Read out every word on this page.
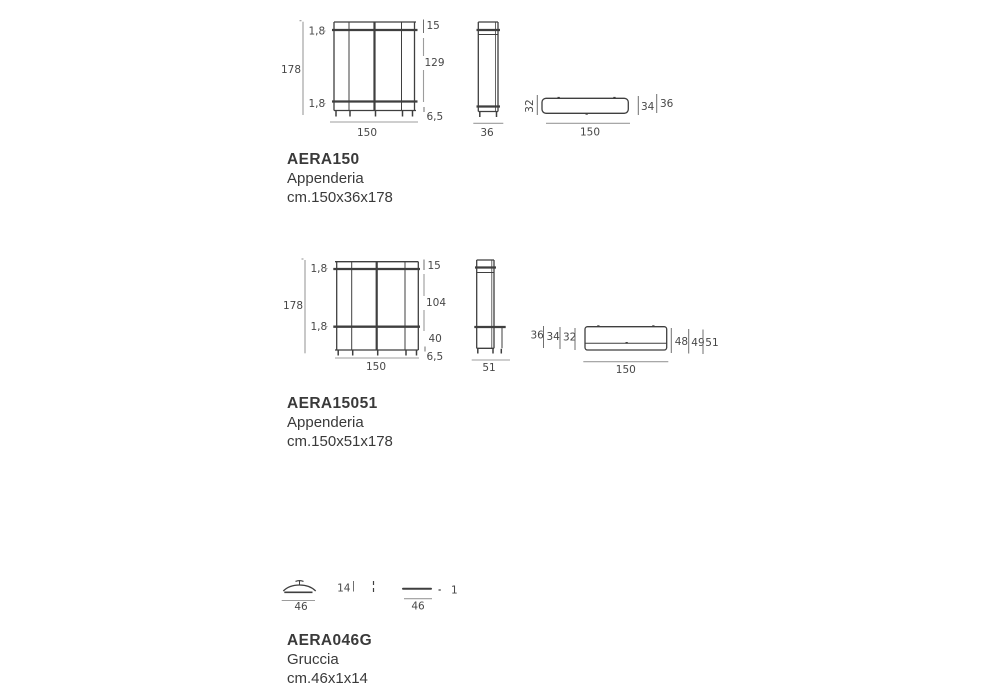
178
1,8
1,8
15
129
6,5
150	36
32	34 36
150
AERA150
Appenderia
cm.150x36x178
178
1,8
1,8
15
104
40
6,5
150	51
36 34 32	48 49 51
150
AERA15051
Appenderia
cm.150x51x178
46
14
46
1
AERA046G
Gruccia
cm.46x1x14
